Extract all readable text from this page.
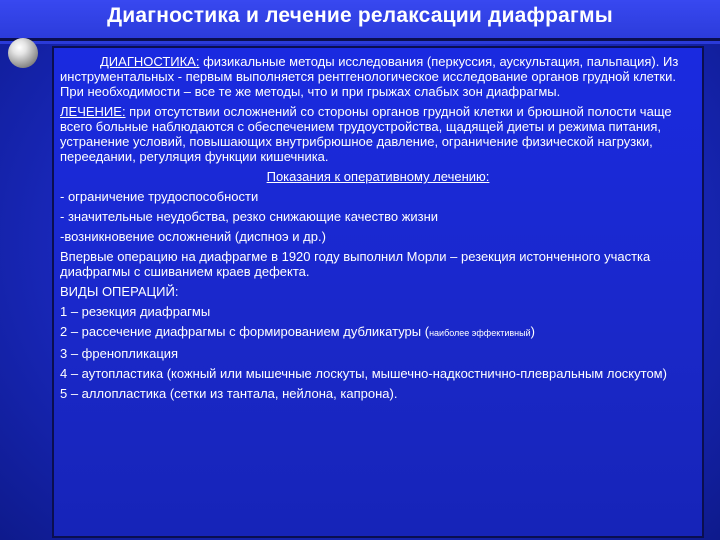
Диагностика и лечение релаксации диафрагмы

ДИАГНОСТИКА: физикальные методы исследования (перкуссия, аускультация, пальпация). Из инструментальных - первым выполняется рентгенологическое исследование органов грудной клетки. При необходимости – все те же методы, что и при грыжах слабых зон диафрагмы.

ЛЕЧЕНИЕ: при отсутствии осложнений со стороны органов грудной клетки и брюшной полости чаще всего больные наблюдаются с обеспечением трудоустройства, щадящей диеты и режима питания, устранение условий, повышающих внутрибрюшное давление, ограничение физической нагрузки, переедании, регуляция функции кишечника.

Показания к оперативному лечению:

- ограничение трудоспособности

- значительные неудобства, резко снижающие качество жизни

-возникновение осложнений (диспноэ и др.)

Впервые операцию на диафрагме в 1920 году выполнил Морли – резекция истонченного участка диафрагмы с сшиванием краев дефекта.

ВИДЫ ОПЕРАЦИЙ:

1 – резекция диафрагмы

2 – рассечение диафрагмы с формированием дубликатуры (наиболее эффективный)

3 – френопликация

4 – аутопластика (кожный или мышечные лоскуты, мышечно-надкостнично-плевральным лоскутом)

5 – аллопластика (сетки из тантала, нейлона, капрона).
